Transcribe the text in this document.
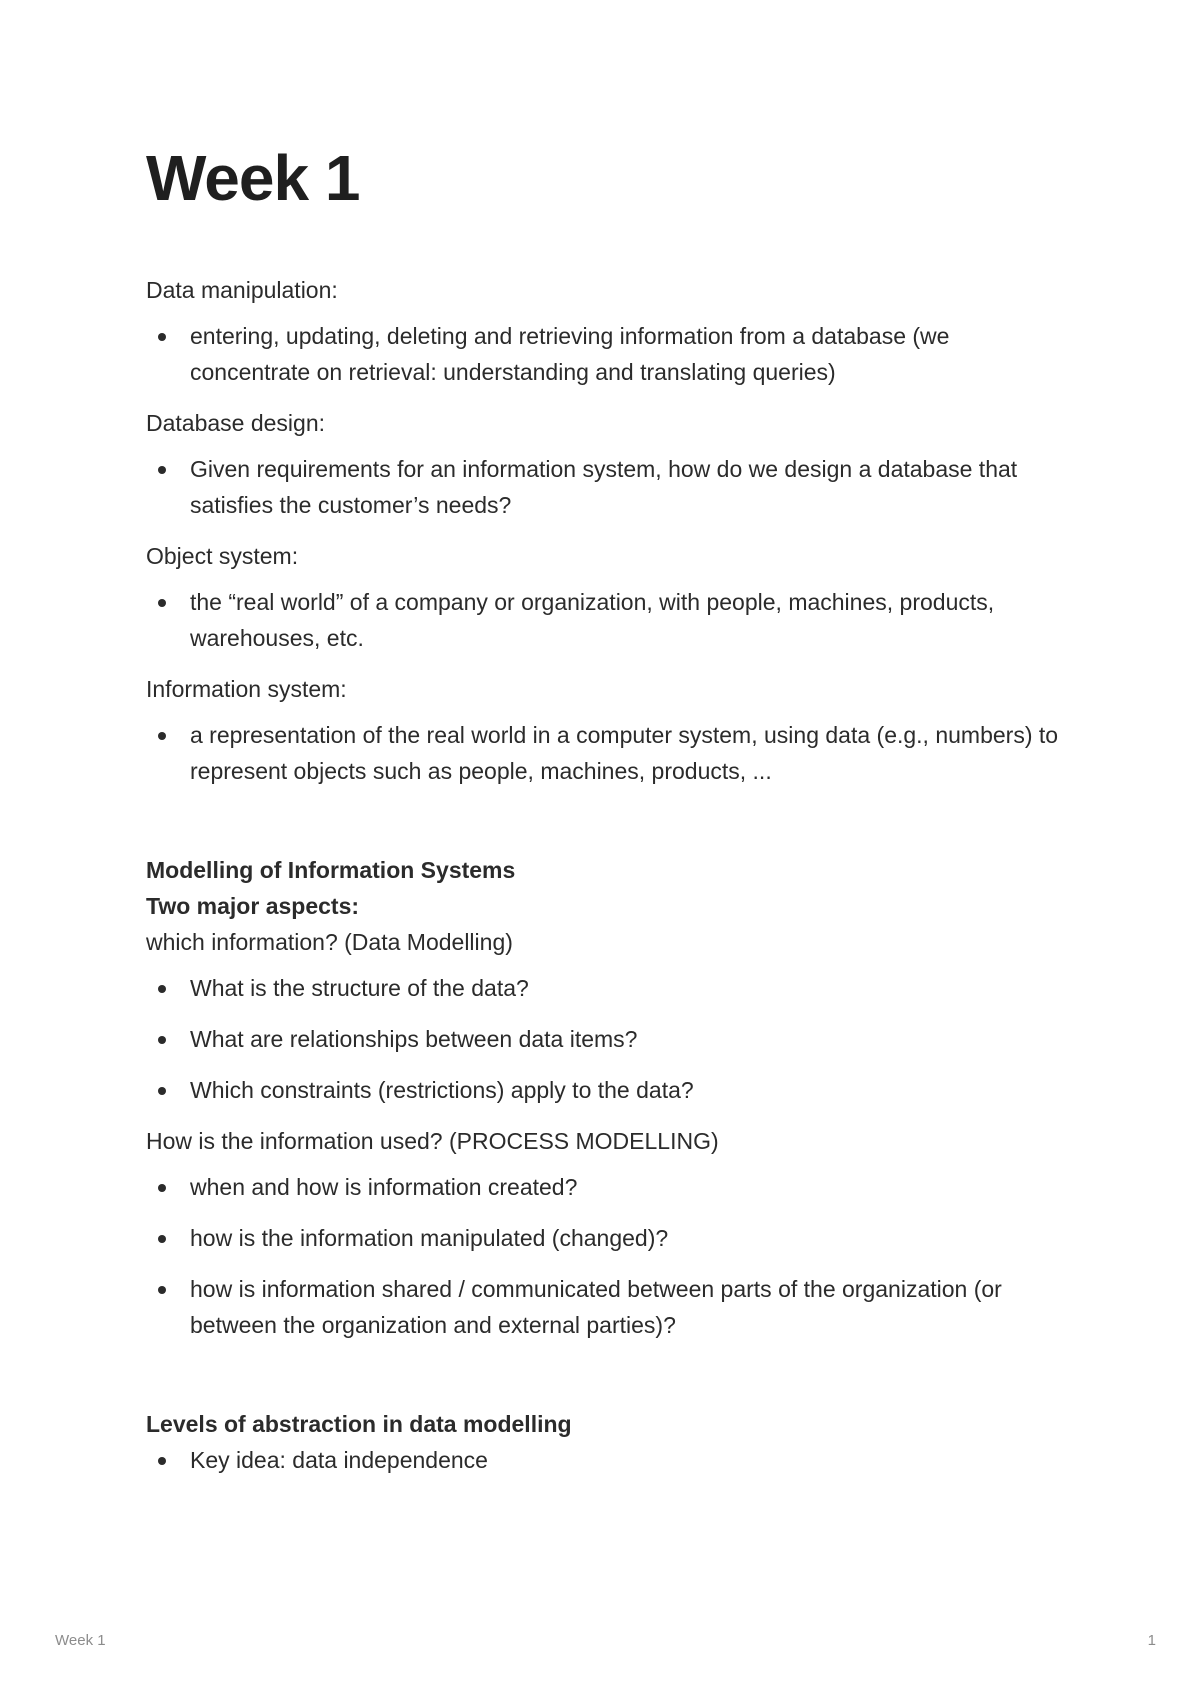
Week 1

Data manipulation:

entering, updating, deleting and retrieving information from a database (we concentrate on retrieval: understanding and translating queries)

Database design:

Given requirements for an information system, how do we design a database that satisfies the customer’s needs?

Object system:

the “real world” of a company or organization, with people, machines, products, warehouses, etc.

Information system:

a representation of the real world in a computer system, using data (e.g., numbers) to represent objects such as people, machines, products, ...

Modelling of Information Systems

Two major aspects:

which information? (Data Modelling)

What is the structure of the data?
What are relationships between data items?
Which constraints (restrictions) apply to the data?

How is the information used? (PROCESS MODELLING)

when and how is information created?
how is the information manipulated (changed)?
how is information shared / communicated between parts of the organization (or between the organization and external parties)?

Levels of abstraction in data modelling

Key idea: data independence
Week 1	1
